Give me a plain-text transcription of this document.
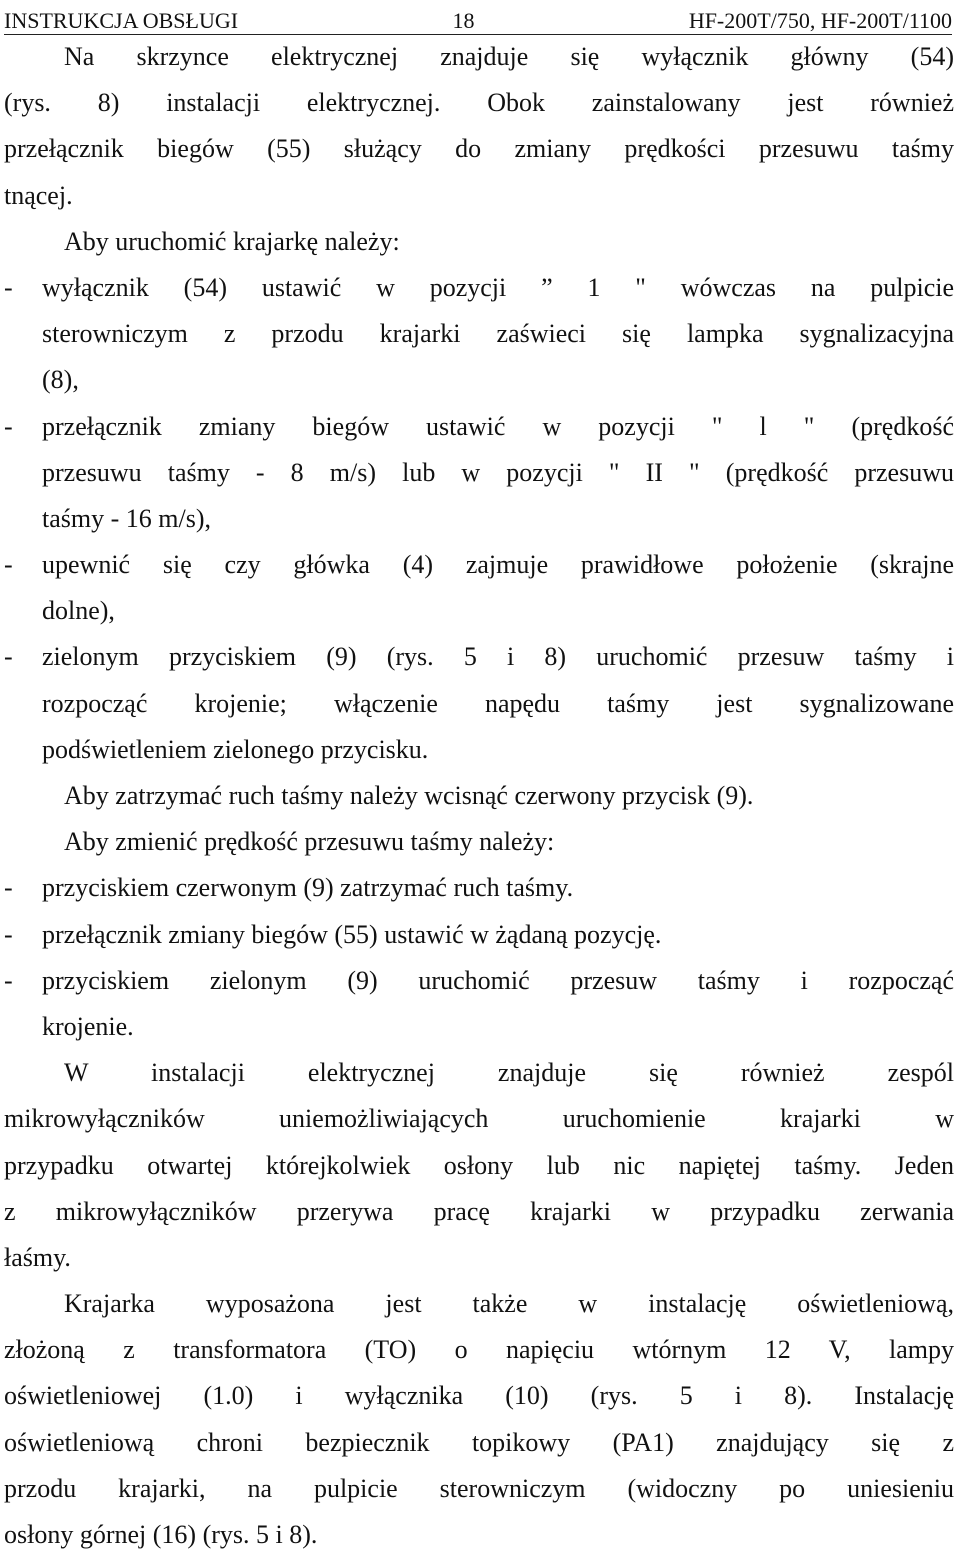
INSTRUKCJA OBSŁUGI	18	HF-200T/750, HF-200T/1100
Na skrzynce elektrycznej znajduje się wyłącznik główny (54)
(rys. 8) instalacji elektrycznej. Obok zainstalowany jest również
przełącznik biegów (55) służący do zmiany prędkości przesuwu taśmy
tnącej.
Aby uruchomić krajarkę należy:
-	wyłącznik (54) ustawić w pozycji ” 1 " wówczas na pulpicie
sterowniczym z przodu krajarki zaświeci się lampka sygnalizacyjna
(8),
-	przełącznik zmiany biegów ustawić w pozycji " l " (prędkość
przesuwu taśmy - 8 m/s) lub w pozycji " II " (prędkość przesuwu
taśmy - 16 m/s),
-	upewnić się czy główka (4) zajmuje prawidłowe położenie (skrajne
dolne),
-	zielonym przyciskiem (9) (rys. 5 i 8) uruchomić przesuw taśmy i
rozpocząć krojenie; włączenie napędu taśmy jest sygnalizowane
podświetleniem zielonego przycisku.
Aby zatrzymać ruch taśmy należy wcisnąć czerwony przycisk (9).
Aby zmienić prędkość przesuwu taśmy należy:
-	przyciskiem czerwonym (9) zatrzymać ruch taśmy.
-	przełącznik zmiany biegów (55) ustawić w żądaną pozycję.
-	przyciskiem zielonym (9) uruchomić przesuw taśmy i rozpocząć
krojenie.
W instalacji elektrycznej znajduje się również zespól
mikrowyłączników uniemożliwiających uruchomienie krajarki w
przypadku otwartej którejkolwiek osłony lub nic napiętej taśmy. Jeden
z mikrowyłączników przerywa pracę krajarki w przypadku zerwania
łaśmy.
Krajarka wyposażona jest także w instalację oświetleniową,
złożoną z transformatora (TO) o napięciu wtórnym 12 V, lampy
oświetleniowej (1.0) i wyłącznika (10) (rys. 5 i 8). Instalację
oświetleniową chroni bezpiecznik topikowy (PA1) znajdujący się z
przodu krajarki, na pulpicie sterowniczym (widoczny po uniesieniu
osłony górnej (16) (rys. 5 i 8).
